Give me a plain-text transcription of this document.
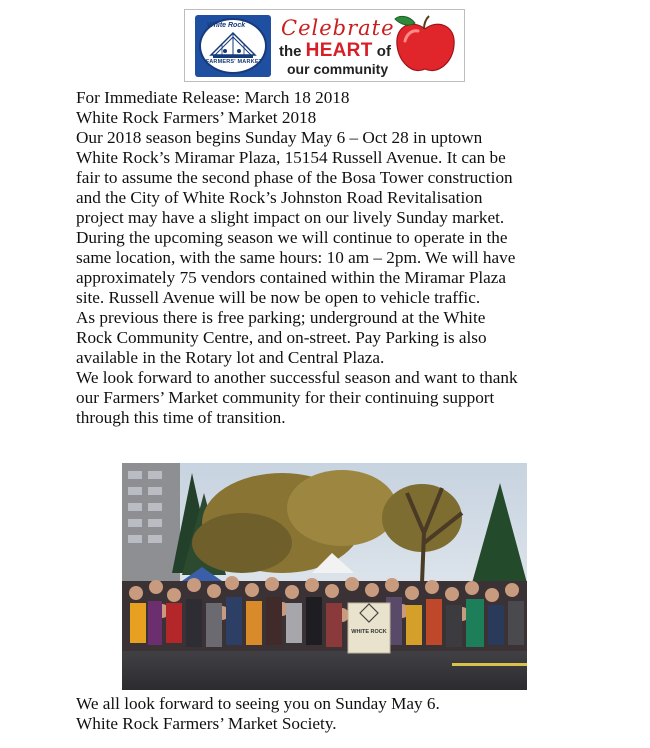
White Rock
FARMERS' MARKET
Celebrate
the HEART of
our community
For Immediate Release: March 18 2018
White Rock Farmers’ Market 2018
Our 2018 season begins Sunday May 6 – Oct 28 in uptown
White Rock’s Miramar Plaza, 15154 Russell Avenue. It can be
fair to assume the second phase of the Bosa Tower construction
and the City of White Rock’s Johnston Road Revitalisation
project may have a slight impact on our lively Sunday market.
During the upcoming season we will continue to operate in the
same location, with the same hours: 10 am – 2pm. We will have
approximately 75 vendors contained within the Miramar Plaza
site. Russell Avenue will be now be open to vehicle traffic.
As previous there is free parking; underground at the White
Rock Community Centre, and on-street. Pay Parking is also
available in the Rotary lot and Central Plaza.
We look forward to another successful season and want to thank
our Farmers’ Market community for their continuing support
through this time of transition.
WHITE ROCK
We all look forward to seeing you on Sunday May 6.
White Rock Farmers’ Market Society.
